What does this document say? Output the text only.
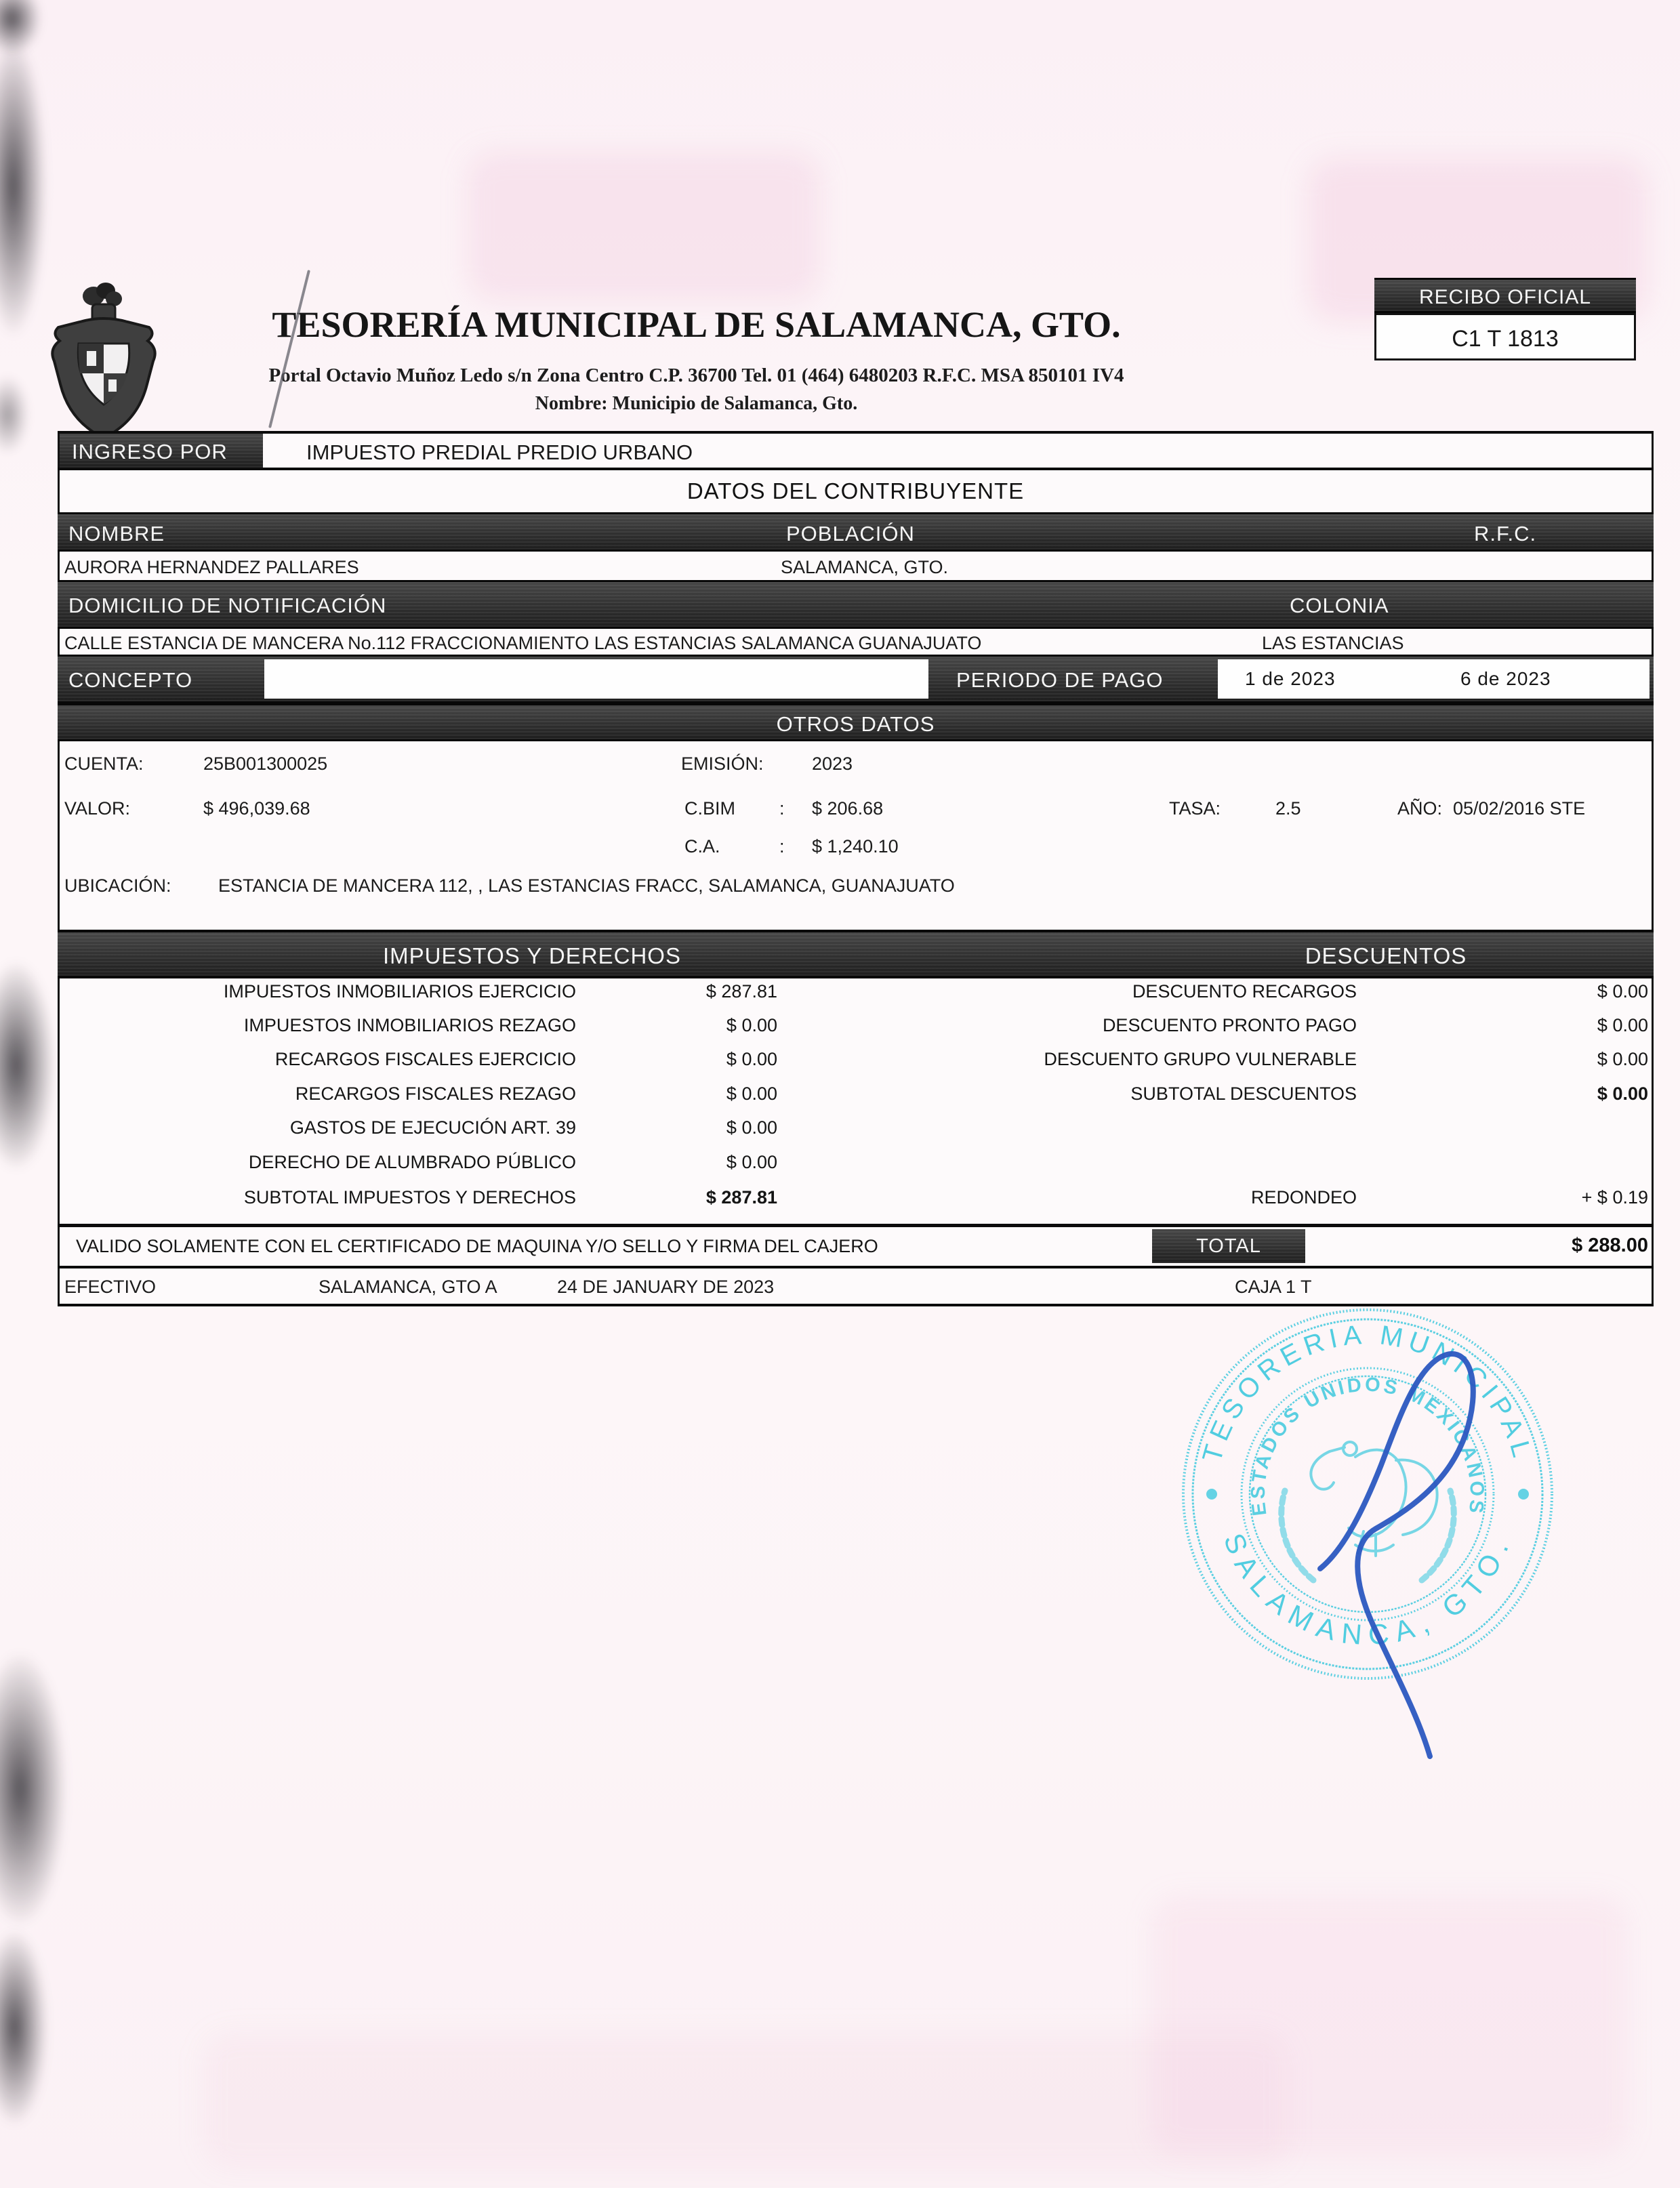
TESORERÍA MUNICIPAL DE SALAMANCA, GTO.
Portal Octavio Muñoz Ledo s/n Zona Centro C.P. 36700 Tel. 01 (464) 6480203 R.F.C. MSA 850101 IV4
Nombre: Municipio de Salamanca, Gto.
RECIBO OFICIAL
C1 T 1813
INGRESO POR	IMPUESTO PREDIAL PREDIO URBANO
DATOS DEL CONTRIBUYENTE
NOMBRE	POBLACIÓN	R.F.C.
AURORA HERNANDEZ PALLARES	SALAMANCA, GTO.
DOMICILIO DE NOTIFICACIÓN	COLONIA
CALLE ESTANCIA DE MANCERA No.112 FRACCIONAMIENTO LAS ESTANCIAS SALAMANCA GUANAJUATO	LAS ESTANCIAS
CONCEPTO	PERIODO DE PAGO	1 de 2023	6 de 2023
OTROS DATOS
CUENTA:	25B001300025	EMISIÓN:	2023
VALOR:	$ 496,039.68	C.BIM : $ 206.68	TASA:	2.5	AÑO: 05/02/2016 STE
C.A.	: $ 1,240.10
UBICACIÓN:	ESTANCIA DE MANCERA 112, , LAS ESTANCIAS FRACC, SALAMANCA, GUANAJUATO
IMPUESTOS Y DERECHOS	DESCUENTOS
IMPUESTOS INMOBILIARIOS EJERCICIO	$ 287.81	DESCUENTO RECARGOS	$ 0.00
IMPUESTOS INMOBILIARIOS REZAGO	$ 0.00	DESCUENTO PRONTO PAGO	$ 0.00
RECARGOS FISCALES EJERCICIO	$ 0.00	DESCUENTO GRUPO VULNERABLE	$ 0.00
RECARGOS FISCALES REZAGO	$ 0.00	SUBTOTAL DESCUENTOS	$ 0.00
GASTOS DE EJECUCIÓN ART. 39	$ 0.00
DERECHO DE ALUMBRADO PÚBLICO	$ 0.00
SUBTOTAL IMPUESTOS Y DERECHOS	$ 287.81	REDONDEO	+ $ 0.19
VALIDO SOLAMENTE CON EL CERTIFICADO DE MAQUINA Y/O SELLO Y FIRMA DEL CAJERO	TOTAL	$ 288.00
EFECTIVO	SALAMANCA, GTO A	24 DE JANUARY DE 2023	CAJA 1 T
TESORERIA MUNICIPAL
SALAMANCA, GTO.
ESTADOS UNIDOS MEXICANOS
